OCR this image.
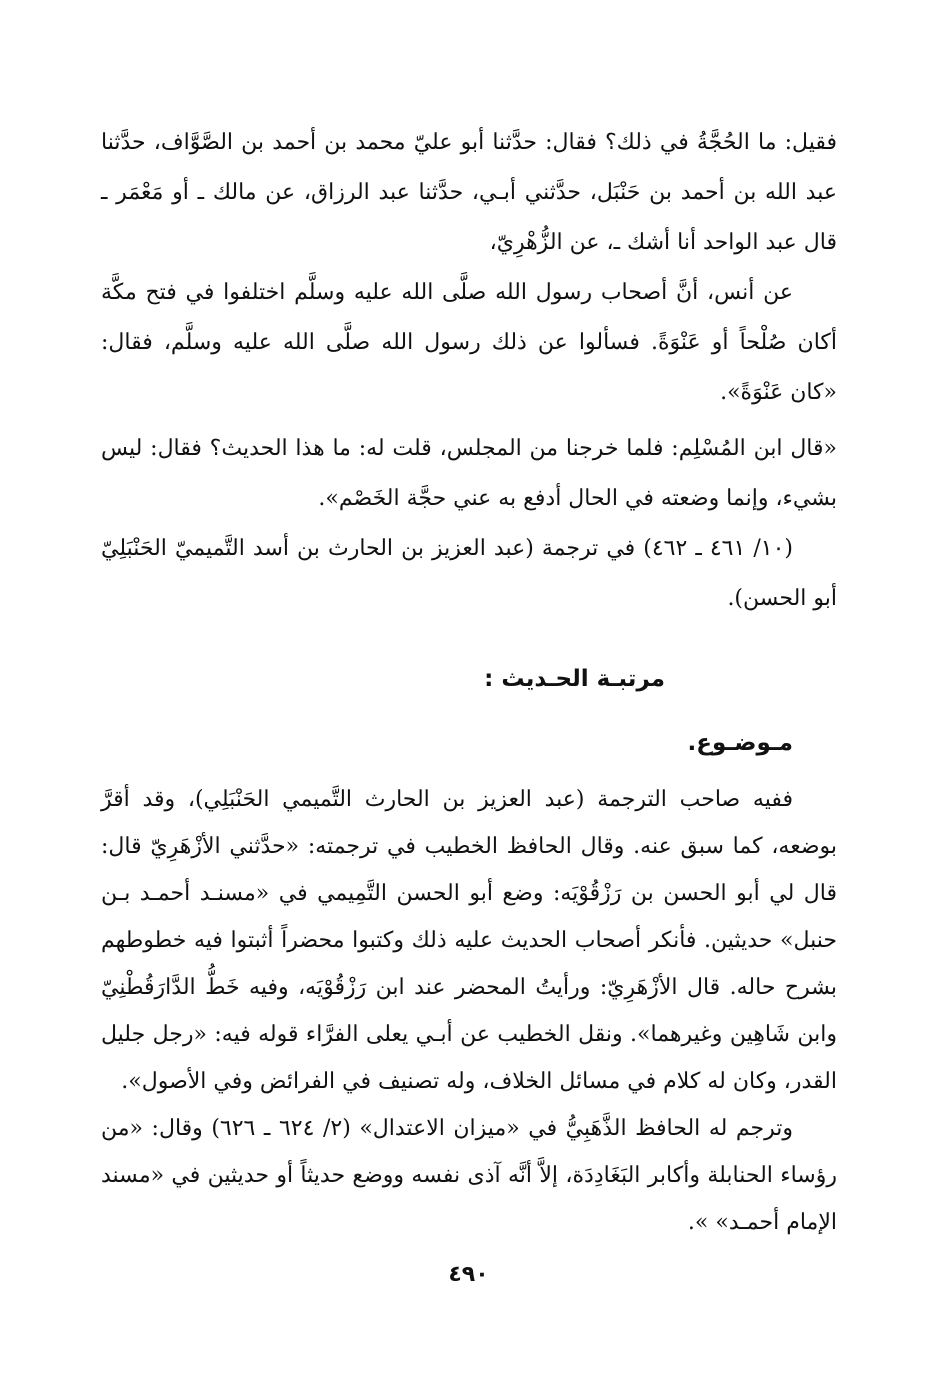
فقيل: ما الحُجَّةُ في ذلك؟ فقال: حدَّثنا أبو عليّ محمد بن أحمد بن الصَّوَّاف، حدَّثنا عبد الله بن أحمد بن حَنْبَل، حدَّثني أبـي، حدَّثنا عبد الرزاق، عن مالك ـ أو مَعْمَر ـ قال عبد الواحد أنا أشك ـ، عن الزُّهْرِيّ،

عن أنس، أنَّ أصحاب رسول الله صلَّى الله عليه وسلَّم اختلفوا في فتح مكَّة أكان صُلْحاً أو عَنْوَةً. فسألوا عن ذلك رسول الله صلَّى الله عليه وسلَّم، فقال: «كان عَنْوَةً».

«قال ابن المُسْلِم: فلما خرجنا من المجلس، قلت له: ما هذا الحديث؟ فقال: ليس بشيء، وإنما وضعته في الحال أدفع به عني حجَّة الخَصْم».

(١٠/ ٤٦١ ـ ٤٦٢) في ترجمة (عبد العزيز بن الحارث بن أسد التَّميميّ الحَنْبَلِيّ أبو الحسن).

مرتبـة الحـديث :

مـوضـوع.

ففيه صاحب الترجمة (عبد العزيز بن الحارث التَّميمي الحَنْبَلِي)، وقد أقرَّ بوضعه، كما سبق عنه. وقال الحافظ الخطيب في ترجمته: «حدَّثني الأزْهَرِيّ قال: قال لي أبو الحسن بن رَزْقُوْيَه: وضع أبو الحسن التَّمِيمي في «مسنـد أحمـد بـن حنبل» حديثين. فأنكر أصحاب الحديث عليه ذلك وكتبوا محضراً أثبتوا فيه خطوطهم بشرح حاله. قال الأزْهَرِيّ: ورأيتُ المحضر عند ابن رَزْقُوْيَه، وفيه خَطُّ الدَّارَقُطْنِيّ وابن شَاهِين وغيرهما». ونقل الخطيب عن أبـي يعلى الفرَّاء قوله فيه: «رجل جليل القدر، وكان له كلام في مسائل الخلاف، وله تصنيف في الفرائض وفي الأصول».

وترجم له الحافظ الذَّهَبِيُّ في «ميزان الاعتدال» (٢/ ٦٢٤ ـ ٦٢٦) وقال: «من رؤساء الحنابلة وأكابر البَغَادِدَة، إلاَّ أنَّه آذى نفسه ووضع حديثاً أو حديثين في «مسند الإمام أحمـد» ».

٤٩٠
